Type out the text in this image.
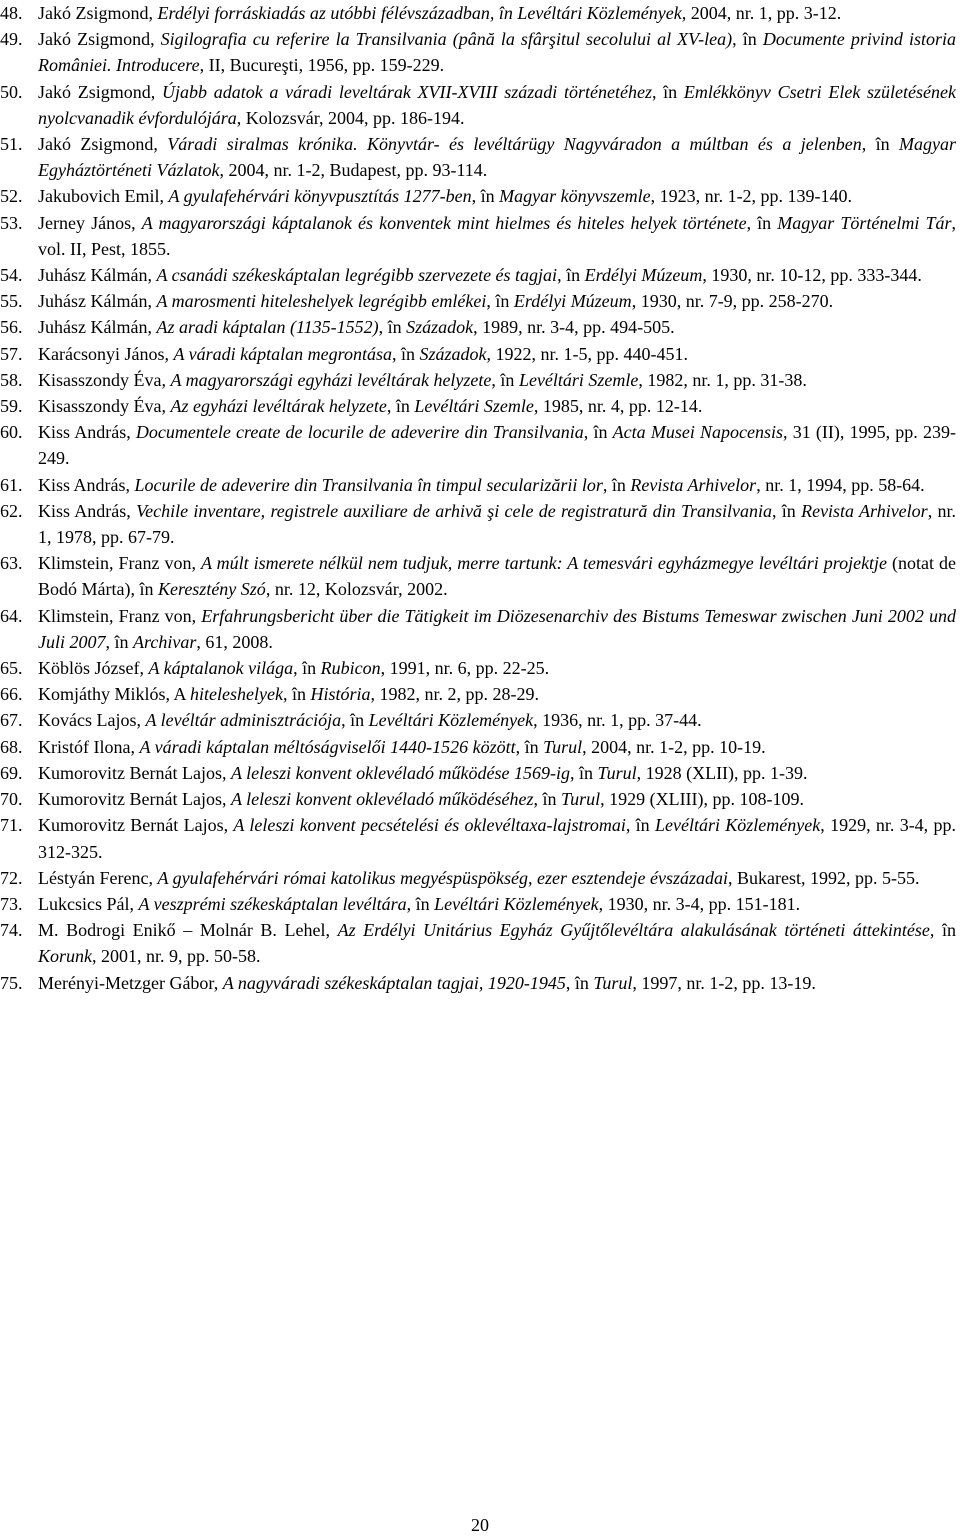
48. Jakó Zsigmond, Erdélyi forráskiadás az utóbbi félévszázadban, în Levéltári Közlemények, 2004, nr. 1, pp. 3-12.
49. Jakó Zsigmond, Sigilografia cu referire la Transilvania (până la sfârşitul secolului al XV-lea), în Documente privind istoria României. Introducere, II, Bucureşti, 1956, pp. 159-229.
50. Jakó Zsigmond, Újabb adatok a váradi leveltárak XVII-XVIII századi történetéhez, în Emlékkönyv Csetri Elek születésének nyolcvanadik évfordulójára, Kolozsvár, 2004, pp. 186-194.
51. Jakó Zsigmond, Váradi siralmas krónika. Könyvtár- és levéltárügy Nagyváradon a múltban és a jelenben, în Magyar Egyháztörténeti Vázlatok, 2004, nr. 1-2, Budapest, pp. 93-114.
52. Jakubovich Emil, A gyulafehérvári könyvpusztítás 1277-ben, în Magyar könyvszemle, 1923, nr. 1-2, pp. 139-140.
53. Jerney János, A magyarországi káptalanok és konventek mint hielmes és hiteles helyek története, în Magyar Történelmi Tár, vol. II, Pest, 1855.
54. Juhász Kálmán, A csanádi székeskáptalan legrégibb szervezete és tagjai, în Erdélyi Múzeum, 1930, nr. 10-12, pp. 333-344.
55. Juhász Kálmán, A marosmenti hiteleshelyek legrégibb emlékei, în Erdélyi Múzeum, 1930, nr. 7-9, pp. 258-270.
56. Juhász Kálmán, Az aradi káptalan (1135-1552), în Századok, 1989, nr. 3-4, pp. 494-505.
57. Karácsonyi János, A váradi káptalan megrontása, în Századok, 1922, nr. 1-5, pp. 440-451.
58. Kisasszondy Éva, A magyarországi egyházi levéltárak helyzete, în Levéltári Szemle, 1982, nr. 1, pp. 31-38.
59. Kisasszondy Éva, Az egyházi levéltárak helyzete, în Levéltári Szemle, 1985, nr. 4, pp. 12-14.
60. Kiss András, Documentele create de locurile de adeverire din Transilvania, în Acta Musei Napocensis, 31 (II), 1995, pp. 239-249.
61. Kiss András, Locurile de adeverire din Transilvania în timpul secularizării lor, în Revista Arhivelor, nr. 1, 1994, pp. 58-64.
62. Kiss András, Vechile inventare, registrele auxiliare de arhivă şi cele de registratură din Transilvania, în Revista Arhivelor, nr. 1, 1978, pp. 67-79.
63. Klimstein, Franz von, A múlt ismerete nélkül nem tudjuk, merre tartunk: A temesvári egyházmegye levéltári projektje (notat de Bodó Márta), în Keresztény Szó, nr. 12, Kolozsvár, 2002.
64. Klimstein, Franz von, Erfahrungsbericht über die Tätigkeit im Diözesenarchiv des Bistums Temeswar zwischen Juni 2002 und Juli 2007, în Archivar, 61, 2008.
65. Köblös József, A káptalanok világa, în Rubicon, 1991, nr. 6, pp. 22-25.
66. Komjáthy Miklós, A hiteleshelyek, în História, 1982, nr. 2, pp. 28-29.
67. Kovács Lajos, A levéltár adminisztrációja, în Levéltári Közlemények, 1936, nr. 1, pp. 37-44.
68. Kristóf Ilona, A váradi káptalan méltóságviselői 1440-1526 között, în Turul, 2004, nr. 1-2, pp. 10-19.
69. Kumorovitz Bernát Lajos, A leleszi konvent oklevéladó működése 1569-ig, în Turul, 1928 (XLII), pp. 1-39.
70. Kumorovitz Bernát Lajos, A leleszi konvent oklevéladó működéséhez, în Turul, 1929 (XLIII), pp. 108-109.
71. Kumorovitz Bernát Lajos, A leleszi konvent pecsételési és oklevéltaxa-lajstromai, în Levéltári Közlemények, 1929, nr. 3-4, pp. 312-325.
72. Léstyán Ferenc, A gyulafehérvári római katolikus megyéspüspökség, ezer esztendeje évszázadai, Bukarest, 1992, pp. 5-55.
73. Lukcsics Pál, A veszprémi székeskáptalan levéltára, în Levéltári Közlemények, 1930, nr. 3-4, pp. 151-181.
74. M. Bodrogi Enikő – Molnár B. Lehel, Az Erdélyi Unitárius Egyház Gyűjtőlevéltára alakulásának történeti áttekintése, în Korunk, 2001, nr. 9, pp. 50-58.
75. Merényi-Metzger Gábor, A nagyváradi székeskáptalan tagjai, 1920-1945, în Turul, 1997, nr. 1-2, pp. 13-19.
20
